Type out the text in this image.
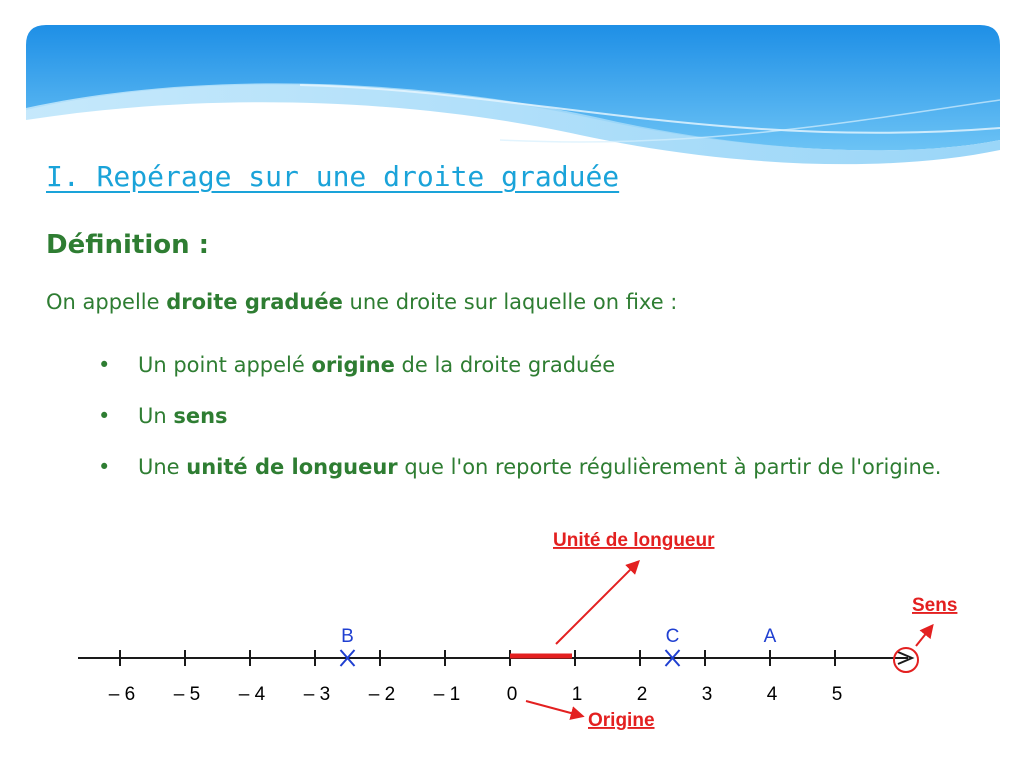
I. Repérage sur une droite graduée
Définition :

On appelle droite graduée une droite sur laquelle on fixe :

• Un point appelé origine de la droite graduée
• Un sens
• Une unité de longueur que l'on reporte régulièrement à partir de l'origine.
– 6 – 5 – 4 – 3 – 2 – 1 0	1	2	3	4	5
B	C	A
Unité de longueur
Sens
Origine
